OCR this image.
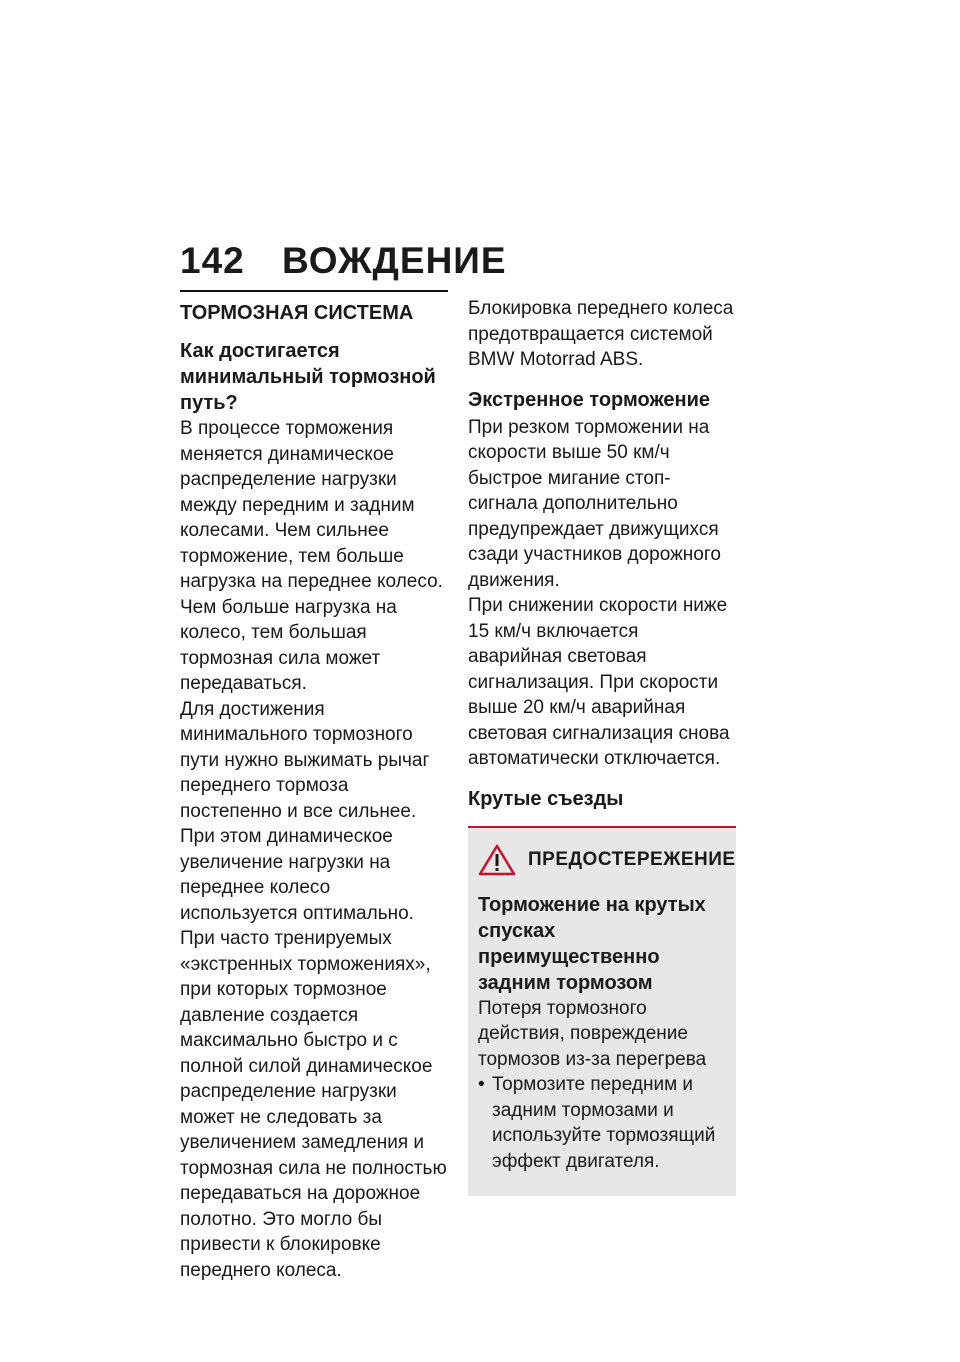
142 ВОЖДЕНИЕ
ТОРМОЗНАЯ СИСТЕМА
Как достигается минимальный тормозной путь?

В процессе торможения меняется динамическое распределение нагрузки между передним и задним колесами. Чем сильнее торможение, тем больше нагрузка на переднее колесо. Чем больше нагрузка на колесо, тем большая тормозная сила может передаваться.

Для достижения минимального тормозного пути нужно выжимать рычаг переднего тормоза постепенно и все сильнее. При этом динамическое увеличение нагрузки на переднее колесо используется оптимально. При часто тренируемых «экстренных торможениях», при которых тормозное давление создается максимально быстро и с полной силой динамическое распределение нагрузки может не следовать за увеличением замедления и тормозная сила не полностью передаваться на дорожное полотно. Это могло бы привести к блокировке переднего колеса.

Блокировка переднего колеса предотвращается системой BMW Motorrad ABS.

Экстренное торможение

При резком торможении на скорости выше 50 км/ч быстрое мигание стоп-сигнала дополнительно предупреждает движущихся сзади участников дорожного движения.

При снижении скорости ниже 15 км/ч включается аварийная световая сигнализация. При скорости выше 20 км/ч аварийная световая сигнализация снова автоматически отключается.

Крутые съезды
ПРЕДОСТЕРЕЖЕНИЕ
Торможение на крутых спусках преимущественно задним тормозом

Потеря тормозного действия, повреждение тормозов из-за перегрева

• Тормозите передним и задним тормозами и используйте тормозящий эффект двигателя.
